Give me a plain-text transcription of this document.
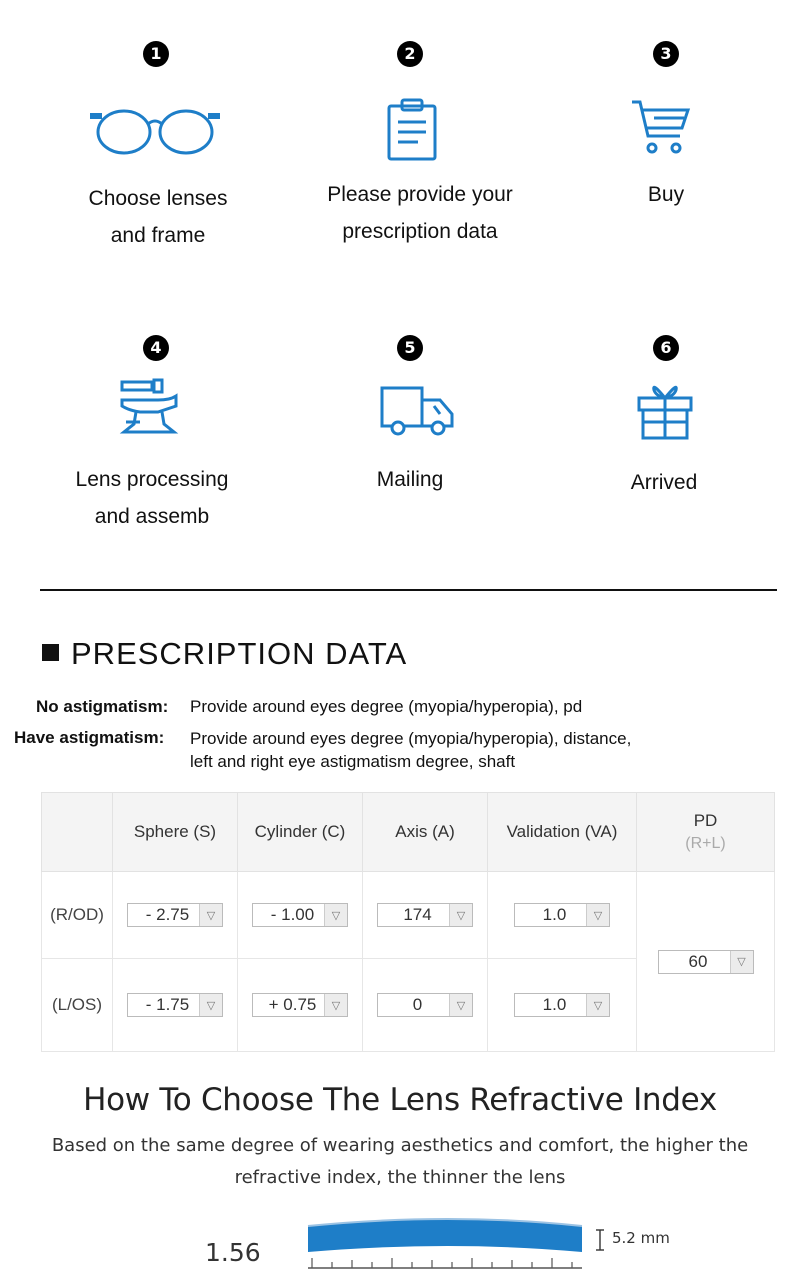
1
Choose lenses
and frame
2
Please provide your
prescription data
3
Buy
4
Lens processing
and assemb
5
Mailing
6
Arrived
PRESCRIPTION DATA
No astigmatism: Provide around eyes degree (myopia/hyperopia), pd
Have astigmatism: Provide around eyes degree (myopia/hyperopia), distance,
left and right eye astigmatism degree, shaft
	Sphere (S)	Cylinder (C)	Axis (A)	Validation (VA)	PD
(R+L)

(R/OD)	- 2.75 ▽	- 1.00 ▽	174 ▽	1.0 ▽	60 ▽

(L/OS)	- 1.75 ▽	+ 0.75 ▽	0 ▽	1.0 ▽	
How To Choose The Lens Refractive Index
Based on the same degree of wearing aesthetics and comfort, the higher the
refractive index, the thinner the lens
1.56	5.2 mm
